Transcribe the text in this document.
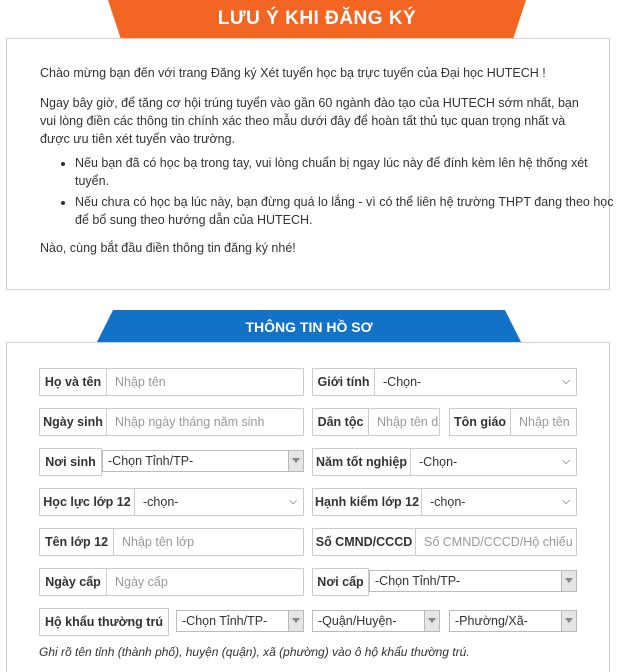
LƯU Ý KHI ĐĂNG KÝ

Chào mừng bạn đến với trang Đăng ký Xét tuyển học bạ trực tuyến của Đại học HUTECH !

Ngay bây giờ, để tăng cơ hội trúng tuyển vào gần 60 ngành đào tạo của HUTECH sớm nhất, bạn vui lòng điền các thông tin chính xác theo mẫu dưới đây để hoàn tất thủ tục quan trọng nhất và được ưu tiên xét tuyển vào trường.

• Nếu bạn đã có học bạ trong tay, vui lòng chuẩn bị ngay lúc này để đính kèm lên hệ thống xét tuyển.
• Nếu chưa có học bạ lúc này, bạn đừng quá lo lắng - vì có thể liên hệ trường THPT đang theo học để bổ sung theo hướng dẫn của HUTECH.

Nào, cùng bắt đầu điền thông tin đăng ký nhé!

THÔNG TIN HỒ SƠ
Họ và tên	Nhập tên	Giới tính	-Chọn-	⌵
Ngày sinh Nhập ngày tháng năm sinh	Dân tộc	Nhập tên d	Tôn giáo	Nhập tên
Nơi sinh -Chọn Tỉnh/TP-	Năm tốt nghiệp -Chọn-	⌵
Học lực lớp 12 -chọn-	⌵ Hạnh kiểm lớp 12 -chọn-	⌵
Tên lớp 12	Nhập tên lớp	Số CMND/CCCD Số CMND/CCCD/Hộ chiếu
Ngày cấp	Ngày cấp	Nơi cấp -Chọn Tỉnh/TP-
Hộ khẩu thường trú	-Chọn Tỉnh/TP-	-Quận/Huyện-	-Phường/Xã-
Ghi rõ tên tỉnh (thành phố), huyện (quận), xã (phường) vào ô hộ khẩu thường trú.
